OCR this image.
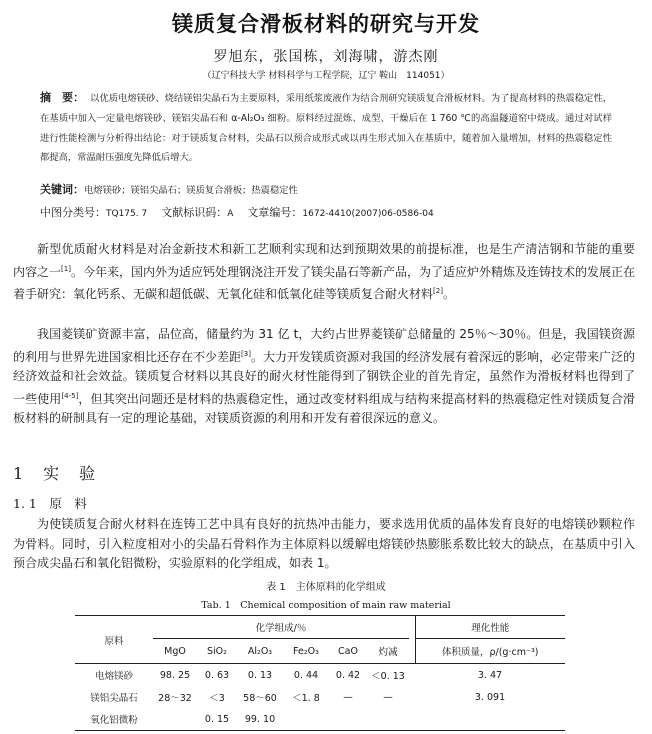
镁质复合滑板材料的研究与开发
罗旭东，张国栋，刘海啸，游杰刚
（辽宁科技大学 材料科学与工程学院，辽宁 鞍山　114051）
摘　要： 以优质电熔镁砂、烧结镁铝尖晶石为主要原料，采用纸浆废液作为结合剂研究镁质复合滑板材料。为了提高材料的热震稳定性，在基质中加入一定量电熔镁砂、镁铝尖晶石和 α-Al₂O₃ 细粉。原料经过混炼、成型、干燥后在 1 760 ℃的高温隧道窑中烧成。通过对试样进行性能检测与分析得出结论：对于镁质复合材料，尖晶石以预合成形式或以再生形式加入在基质中，随着加入量增加，材料的热震稳定性都提高，常温耐压强度先降低后增大。
关键词：电熔镁砂；镁铝尖晶石；镁质复合滑板；热震稳定性
中图分类号：TQ175. 7 文献标识码：A 文章编号：1672-4410(2007)06-0586-04
新型优质耐火材料是对冶金新技术和新工艺顺利实现和达到预期效果的前提标准，也是生产清洁钢和节能的重要内容之一[1]。今年来，国内外为适应钙处理钢浇注开发了镁尖晶石等新产品，为了适应炉外精炼及连铸技术的发展正在着手研究：氧化钙系、无碳和超低碳、无氧化硅和低氧化硅等镁质复合耐火材料[2]。
我国菱镁矿资源丰富，品位高，储量约为 31 亿 t，大约占世界菱镁矿总储量的 25％～30％。但是，我国镁资源的利用与世界先进国家相比还存在不少差距[3]。大力开发镁质资源对我国的经济发展有着深远的影响，必定带来广泛的经济效益和社会效益。镁质复合材料以其良好的耐火材性能得到了钢铁企业的首先肯定，虽然作为滑板材料也得到了一些使用[4-5]，但其突出问题还是材料的热震稳定性，通过改变材料组成与结构来提高材料的热震稳定性对镁质复合滑板材料的研制具有一定的理论基础，对镁质资源的利用和开发有着很深远的意义。
1　实　验
1. 1　原　料
为使镁质复合耐火材料在连铸工艺中具有良好的抗热冲击能力，要求选用优质的晶体发育良好的电熔镁砂颗粒作为骨料。同时，引入粒度相对小的尖晶石骨料作为主体原料以缓解电熔镁砂热膨胀系数比较大的缺点，在基质中引入预合成尖晶石和氧化铝微粉，实验原料的化学组成，如表 1。
表 1　主体原料的化学组成
Tab. 1　Chemical composition of main raw material
原料	化学组成/％							理化性能
	MgO	SiO₂	Al₂O₃	Fe₂O₃	CaO	灼减		体积质量，ρ/(g·cm⁻³)
电熔镁砂	98. 25	0. 63	0. 13	0. 44	0. 42	＜0. 13		3. 47
镁铝尖晶石	28～32	＜3	58～60	＜1. 8	—	—		3. 091
氧化铝微粉		0. 15	99. 10					
